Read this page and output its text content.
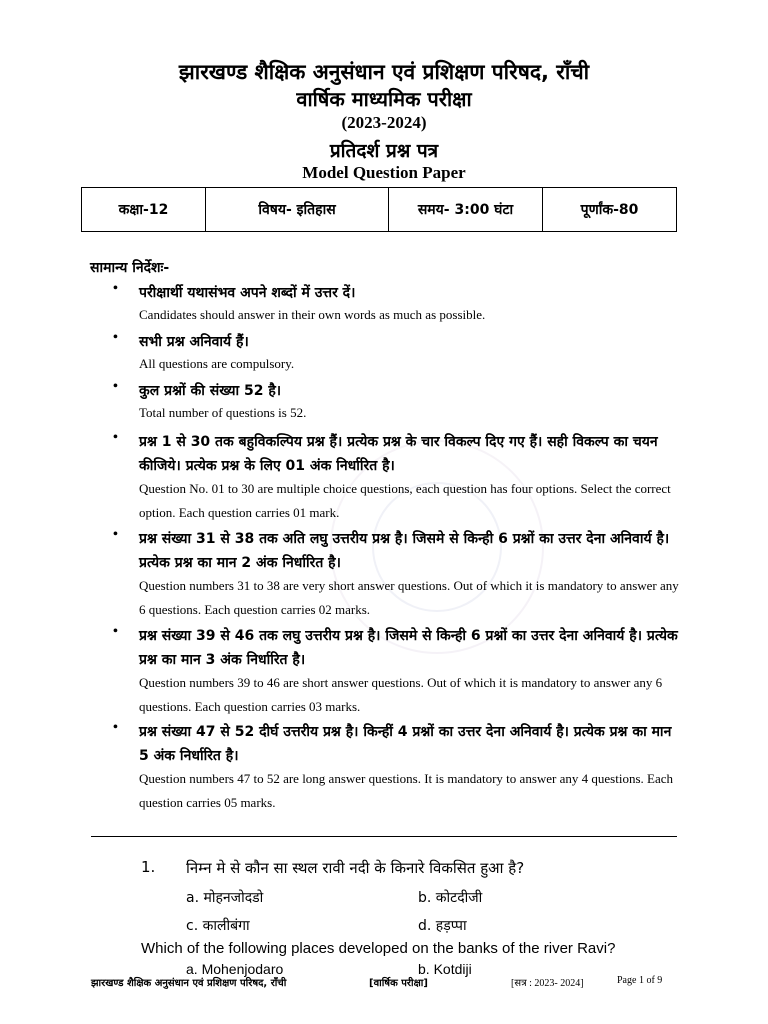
झारखण्ड शैक्षिक अनुसंधान एवं प्रशिक्षण परिषद, राँची
वार्षिक माध्यमिक परीक्षा
(2023-2024)
प्रतिदर्श प्रश्न पत्र
Model Question Paper
कक्षा-12	विषय- इतिहास	समय- 3:00 घंटा	पूर्णांक-80
सामान्य निर्देशः-
• परीक्षार्थी यथासंभव अपने शब्दों में उत्तर दें।
Candidates should answer in their own words as much as possible.
• सभी प्रश्न अनिवार्य हैं।
All questions are compulsory.
• कुल प्रश्नों की संख्या 52 है।
Total number of questions is 52.
• प्रश्न 1 से 30 तक बहुविकल्पिय प्रश्न हैं। प्रत्येक प्रश्न के चार विकल्प दिए गए हैं। सही विकल्प का चयन कीजिये। प्रत्येक प्रश्न के लिए 01 अंक निर्धारित है।
Question No. 01 to 30 are multiple choice questions, each question has four options. Select the correct option. Each question carries 01 mark.
• प्रश्न संख्या 31 से 38 तक अति लघु उत्तरीय प्रश्न है। जिसमे से किन्ही 6 प्रश्नों का उत्तर देना अनिवार्य है। प्रत्येक प्रश्न का मान 2 अंक निर्धारित है।
Question numbers 31 to 38 are very short answer questions. Out of which it is mandatory to answer any 6 questions. Each question carries 02 marks.
• प्रश्न संख्या 39 से 46 तक लघु उत्तरीय प्रश्न है। जिसमे से किन्ही 6 प्रश्नों का उत्तर देना अनिवार्य है। प्रत्येक प्रश्न का मान 3 अंक निर्धारित है।
Question numbers 39 to 46 are short answer questions. Out of which it is mandatory to answer any 6 questions. Each question carries 03 marks.
• प्रश्न संख्या 47 से 52 दीर्घ उत्तरीय प्रश्न है। किन्हीं 4 प्रश्नों का उत्तर देना अनिवार्य है। प्रत्येक प्रश्न का मान 5 अंक निर्धारित है।
Question numbers 47 to 52 are long answer questions. It is mandatory to answer any 4 questions. Each question carries 05 marks.
1. निम्न मे से कौन सा स्थल रावी नदी के किनारे विकसित हुआ है?
a. मोहनजोदडो	b. कोटदीजी
c. कालीबंगा	d. हड़प्पा
Which of the following places developed on the banks of the river Ravi?
a. Mohenjodaro	b. Kotdiji
झारखण्ड शैक्षिक अनुसंधान एवं प्रशिक्षण परिषद, राँची	[वार्षिक परीक्षा]	[सत्र : 2023- 2024]	Page 1 of 9
